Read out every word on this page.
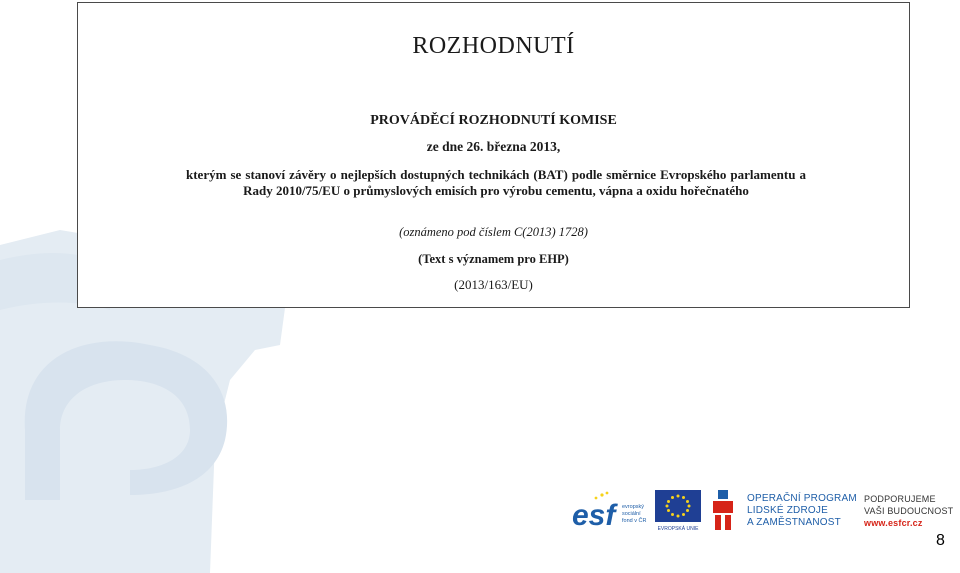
ROZHODNUTÍ
PROVÁDĚCÍ ROZHODNUTÍ KOMISE
ze dne 26. března 2013,
kterým se stanoví závěry o nejlepších dostupných technikách (BAT) podle směrnice Evropského parlamentu a Rady 2010/75/EU o průmyslových emisích pro výrobu cementu, vápna a oxidu hořečnatého
(oznámeno pod číslem C(2013) 1728)
(Text s významem pro EHP)
(2013/163/EU)
esf	evropský
sociální
fond v ČR
EVROPSKÁ UNIE
OPERAČNÍ PROGRAM
LIDSKÉ ZDROJE
A ZAMĚSTNANOST
PODPORUJEME
VAŠI BUDOUCNOST
www.esfcr.cz
8
